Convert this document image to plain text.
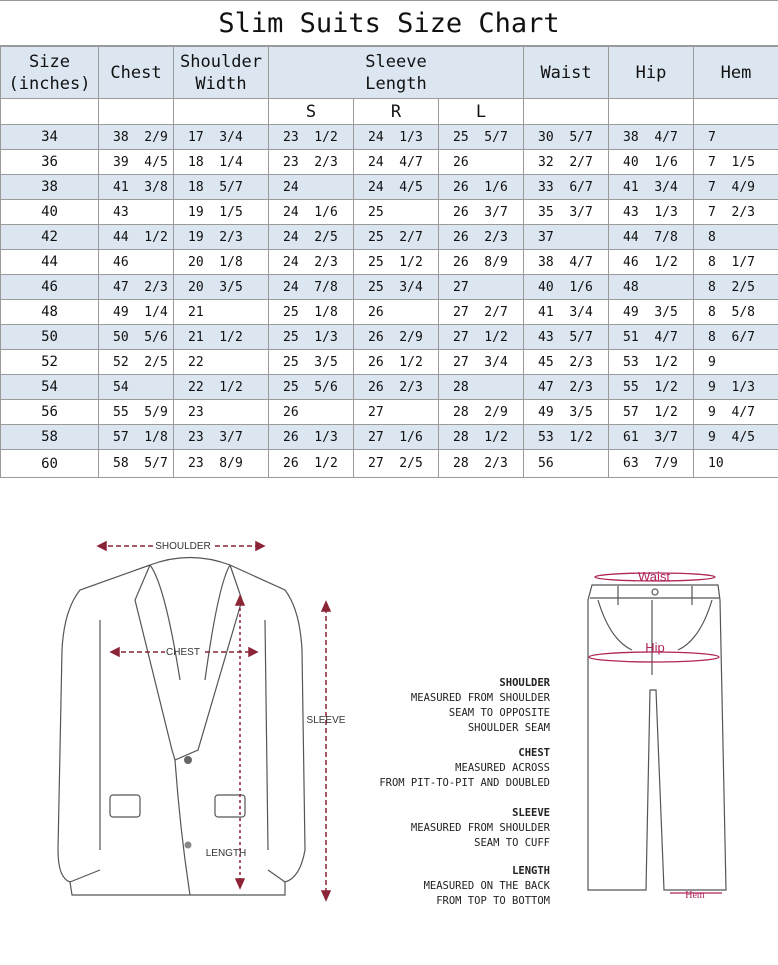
Slim Suits Size Chart
Size
(inches)	Chest	Shoulder
Width	Sleeve
Length			Waist	Hip	Hem
			S	R	L			
34	38  2/9	17  3/4	23  1/2	24  1/3	25  5/7	30  5/7	38  4/7	7
36	39  4/5	18  1/4	23  2/3	24  4/7	26	32  2/7	40  1/6	7  1/5
38	41  3/8	18  5/7	24	24  4/5	26  1/6	33  6/7	41  3/4	7  4/9
40	43	19  1/5	24  1/6	25	26  3/7	35  3/7	43  1/3	7  2/3
42	44  1/2	19  2/3	24  2/5	25  2/7	26  2/3	37	44  7/8	8
44	46	20  1/8	24  2/3	25  1/2	26  8/9	38  4/7	46  1/2	8  1/7
46	47  2/3	20  3/5	24  7/8	25  3/4	27	40  1/6	48	8  2/5
48	49  1/4	21	25  1/8	26	27  2/7	41  3/4	49  3/5	8  5/8
50	50  5/6	21  1/2	25  1/3	26  2/9	27  1/2	43  5/7	51  4/7	8  6/7
52	52  2/5	22	25  3/5	26  1/2	27  3/4	45  2/3	53  1/2	9
54	54	22  1/2	25  5/6	26  2/3	28	47  2/3	55  1/2	9  1/3
56	55  5/9	23	26	27	28  2/9	49  3/5	57  1/2	9  4/7
58	57  1/8	23  3/7	26  1/3	27  1/6	28  1/2	53  1/2	61  3/7	9  4/5
60	58  5/7	23  8/9	26  1/2	27  2/5	28  2/3	56	63  7/9	10
SHOULDER
CHEST
SLEEVE
LENGTH
Waist
Hip
Hem
SHOULDER
MEASURED FROM SHOULDER
SEAM TO OPPOSITE
SHOULDER SEAM
CHEST
MEASURED ACROSS
FROM PIT-TO-PIT AND DOUBLED
SLEEVE
MEASURED FROM SHOULDER
SEAM TO CUFF
LENGTH
MEASURED ON THE BACK
FROM TOP TO BOTTOM
